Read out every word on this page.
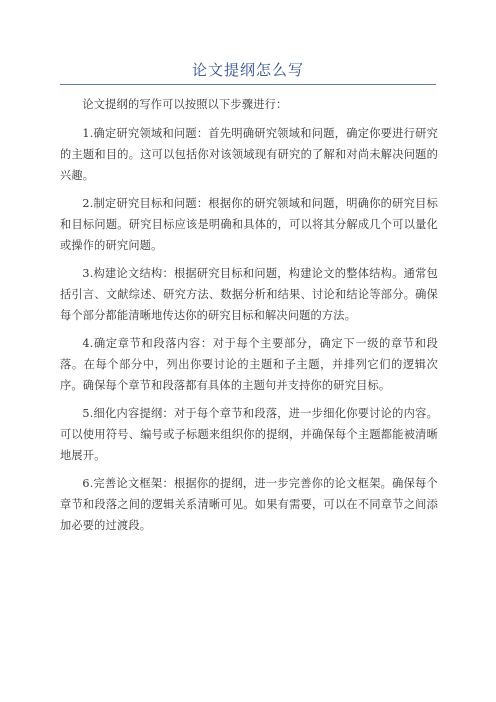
论文提纲怎么写

论文提纲的写作可以按照以下步骤进行：

1.确定研究领域和问题：首先明确研究领域和问题，确定你要进行研究的主题和目的。这可以包括你对该领域现有研究的了解和对尚未解决问题的兴趣。

2.制定研究目标和问题：根据你的研究领域和问题，明确你的研究目标和目标问题。研究目标应该是明确和具体的，可以将其分解成几个可以量化或操作的研究问题。

3.构建论文结构：根据研究目标和问题，构建论文的整体结构。通常包括引言、文献综述、研究方法、数据分析和结果、讨论和结论等部分。确保每个部分都能清晰地传达你的研究目标和解决问题的方法。

4.确定章节和段落内容：对于每个主要部分，确定下一级的章节和段落。在每个部分中，列出你要讨论的主题和子主题，并排列它们的逻辑次序。确保每个章节和段落都有具体的主题句并支持你的研究目标。

5.细化内容提纲：对于每个章节和段落，进一步细化你要讨论的内容。可以使用符号、编号或子标题来组织你的提纲，并确保每个主题都能被清晰地展开。

6.完善论文框架：根据你的提纲，进一步完善你的论文框架。确保每个章节和段落之间的逻辑关系清晰可见。如果有需要，可以在不同章节之间添加必要的过渡段。
